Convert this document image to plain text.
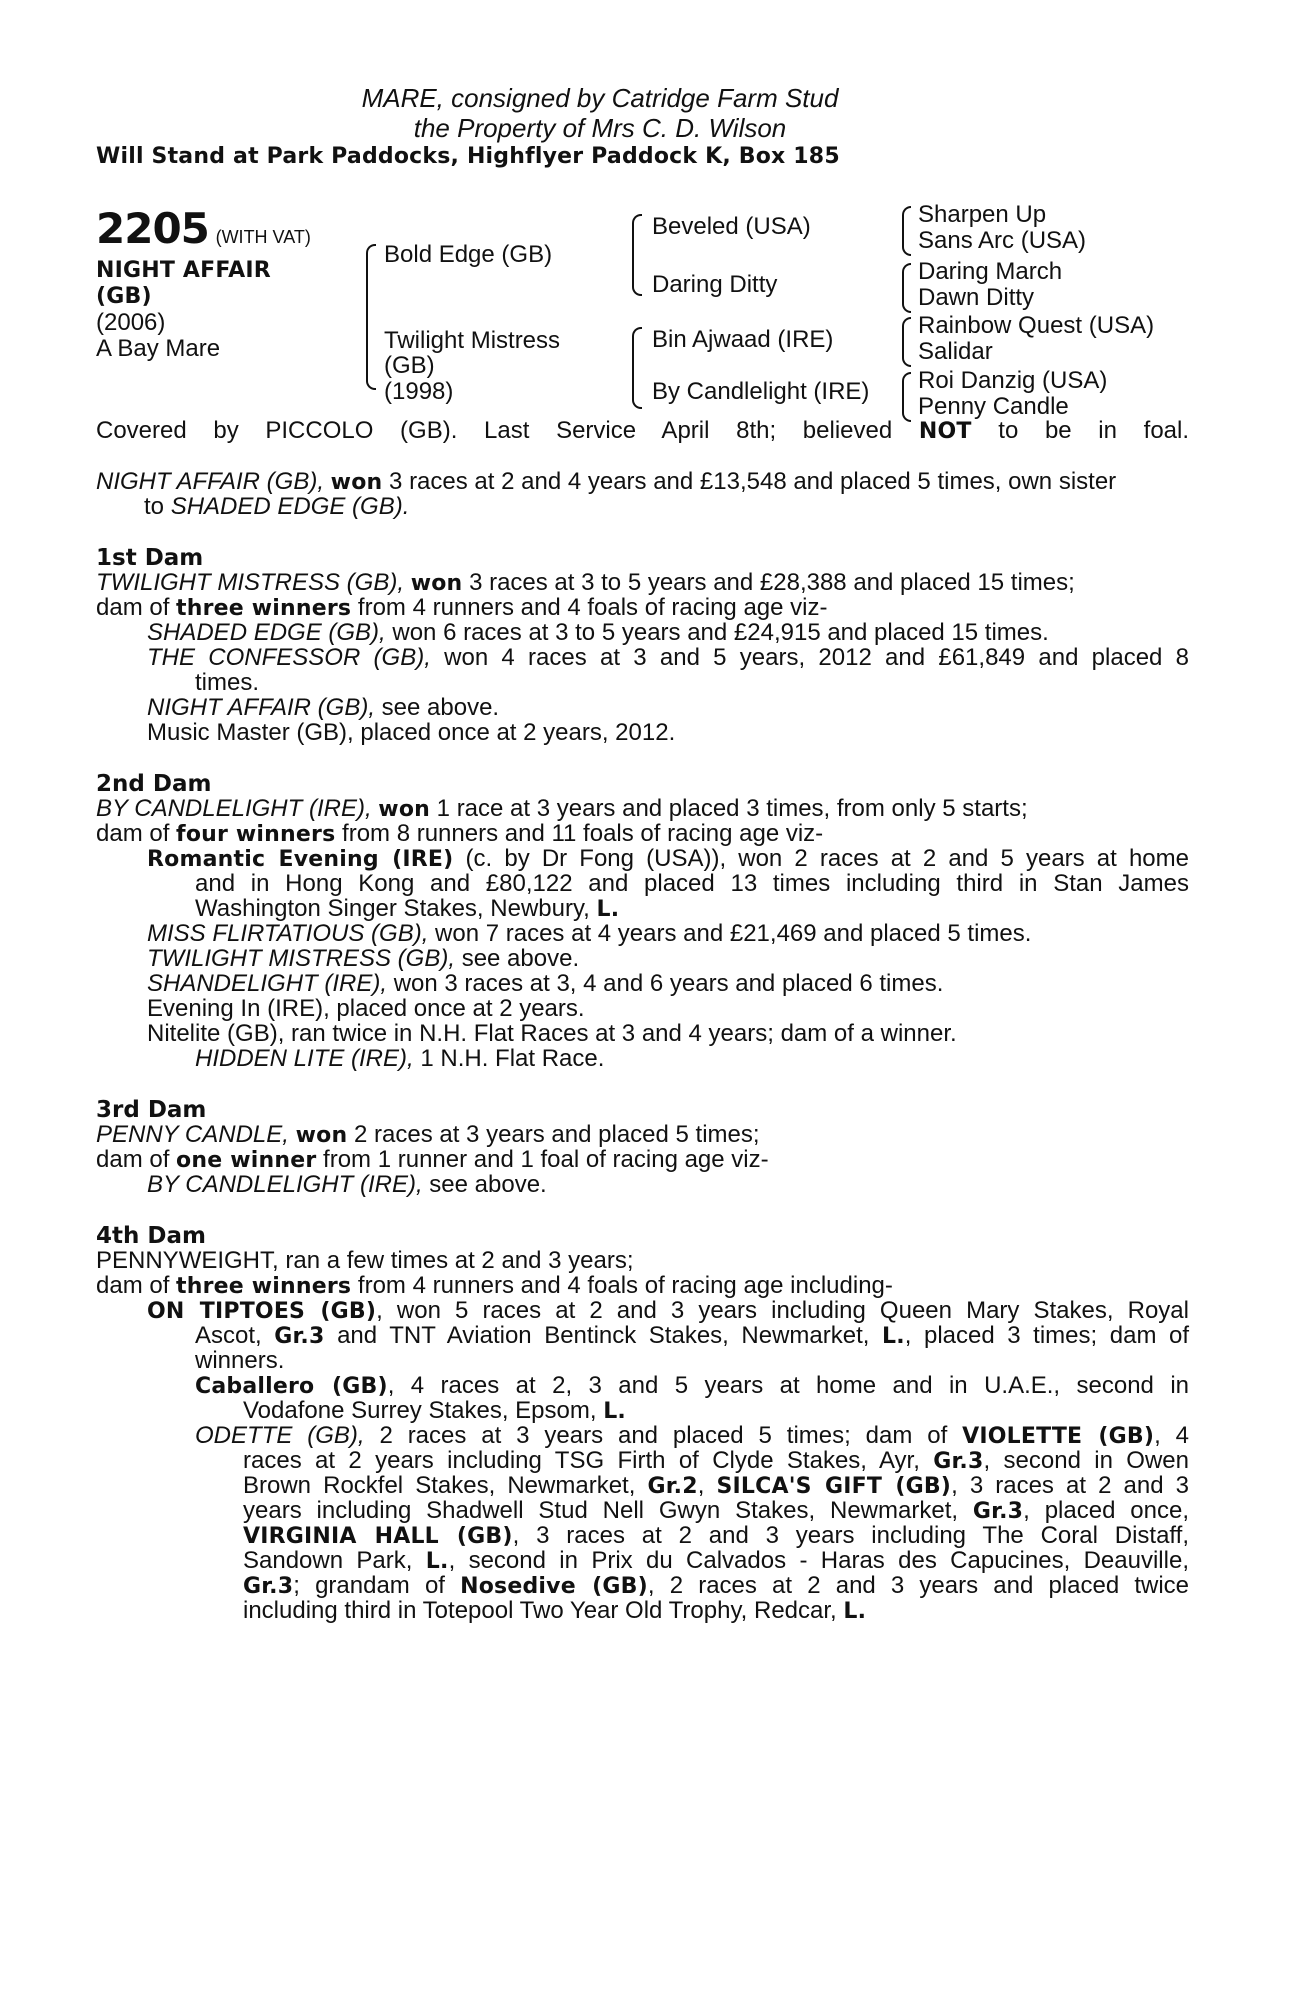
MARE, consigned by Catridge Farm Stud
the Property of Mrs C. D. Wilson
Will Stand at Park Paddocks, Highflyer Paddock K, Box 185
2205 (WITH VAT)
NIGHT AFFAIR
(GB)
(2006)
A Bay Mare
Bold Edge (GB)
Twilight Mistress
(GB)
(1998)
Beveled (USA)
Daring Ditty
Bin Ajwaad (IRE)
By Candlelight (IRE)
Sharpen Up
Sans Arc (USA)
Daring March
Dawn Ditty
Rainbow Quest (USA)
Salidar
Roi Danzig (USA)
Penny Candle
Covered by PICCOLO (GB). Last Service April 8th; believed NOT to be in foal.
NIGHT AFFAIR (GB), won 3 races at 2 and 4 years and £13,548 and placed 5 times, own sister
to SHADED EDGE (GB).
1st Dam
TWILIGHT MISTRESS (GB), won 3 races at 3 to 5 years and £28,388 and placed 15 times;
dam of three winners from 4 runners and 4 foals of racing age viz-
SHADED EDGE (GB), won 6 races at 3 to 5 years and £24,915 and placed 15 times.
THE CONFESSOR (GB), won 4 races at 3 and 5 years, 2012 and £61,849 and placed 8
times.
NIGHT AFFAIR (GB), see above.
Music Master (GB), placed once at 2 years, 2012.
2nd Dam
BY CANDLELIGHT (IRE), won 1 race at 3 years and placed 3 times, from only 5 starts;
dam of four winners from 8 runners and 11 foals of racing age viz-
Romantic Evening (IRE) (c. by Dr Fong (USA)), won 2 races at 2 and 5 years at home
and in Hong Kong and £80,122 and placed 13 times including third in Stan James
Washington Singer Stakes, Newbury, L.
MISS FLIRTATIOUS (GB), won 7 races at 4 years and £21,469 and placed 5 times.
TWILIGHT MISTRESS (GB), see above.
SHANDELIGHT (IRE), won 3 races at 3, 4 and 6 years and placed 6 times.
Evening In (IRE), placed once at 2 years.
Nitelite (GB), ran twice in N.H. Flat Races at 3 and 4 years; dam of a winner.
HIDDEN LITE (IRE), 1 N.H. Flat Race.
3rd Dam
PENNY CANDLE, won 2 races at 3 years and placed 5 times;
dam of one winner from 1 runner and 1 foal of racing age viz-
BY CANDLELIGHT (IRE), see above.
4th Dam
PENNYWEIGHT, ran a few times at 2 and 3 years;
dam of three winners from 4 runners and 4 foals of racing age including-
ON TIPTOES (GB), won 5 races at 2 and 3 years including Queen Mary Stakes, Royal
Ascot, Gr.3 and TNT Aviation Bentinck Stakes, Newmarket, L., placed 3 times; dam of
winners.
Caballero (GB), 4 races at 2, 3 and 5 years at home and in U.A.E., second in
Vodafone Surrey Stakes, Epsom, L.
ODETTE (GB), 2 races at 3 years and placed 5 times; dam of VIOLETTE (GB), 4
races at 2 years including TSG Firth of Clyde Stakes, Ayr, Gr.3, second in Owen
Brown Rockfel Stakes, Newmarket, Gr.2, SILCA'S GIFT (GB), 3 races at 2 and 3
years including Shadwell Stud Nell Gwyn Stakes, Newmarket, Gr.3, placed once,
VIRGINIA HALL (GB), 3 races at 2 and 3 years including The Coral Distaff,
Sandown Park, L., second in Prix du Calvados - Haras des Capucines, Deauville,
Gr.3; grandam of Nosedive (GB), 2 races at 2 and 3 years and placed twice
including third in Totepool Two Year Old Trophy, Redcar, L.
